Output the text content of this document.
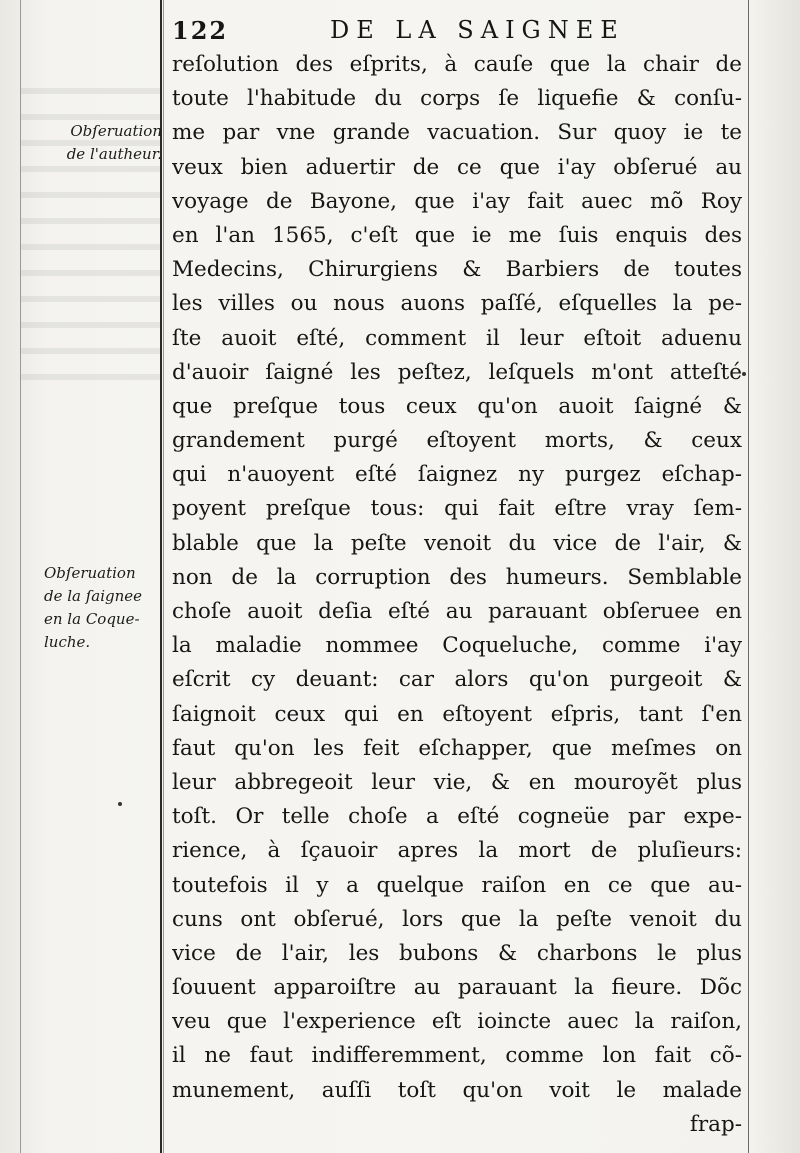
122	DE LA SAIGNEE
Obſeruation
de l'autheur.
Obſeruation
de la ſaignee
en la Coque-
luche.
reſolution des eſprits, à cauſe que la chair de
toute l'habitude du corps ſe liquefie & conſu-
me par vne grande vacuation. Sur quoy ie te
veux bien aduertir de ce que i'ay obſerué au
voyage de Bayone, que i'ay fait auec mõ Roy
en l'an 1565, c'eſt que ie me ſuis enquis des
Medecins, Chirurgiens & Barbiers de toutes
les villes ou nous auons paſſé, eſquelles la pe-
ſte auoit eſté, comment il leur eſtoit aduenu
d'auoir ſaigné les peſtez, leſquels m'ont atteſté
que preſque tous ceux qu'on auoit ſaigné &
grandement purgé eſtoyent morts, & ceux
qui n'auoyent eſté ſaignez ny purgez eſchap-
poyent preſque tous: qui fait eſtre vray ſem-
blable que la peſte venoit du vice de l'air, &
non de la corruption des humeurs. Semblable
choſe auoit deſia eſté au parauant obſeruee en
la maladie nommee Coqueluche, comme i'ay
eſcrit cy deuant: car alors qu'on purgeoit &
ſaignoit ceux qui en eſtoyent eſpris, tant ſ'en
faut qu'on les feit eſchapper, que meſmes on
leur abbregeoit leur vie, & en mouroyẽt plus
toſt. Or telle choſe a eſté cogneüe par expe-
rience, à ſçauoir apres la mort de pluſieurs:
toutefois il y a quelque raiſon en ce que au-
cuns ont obſerué, lors que la peſte venoit du
vice de l'air, les bubons & charbons le plus
ſouuent apparoiſtre au parauant la fieure. Dõc
veu que l'experience eſt ioincte auec la raiſon,
il ne faut indifferemment, comme lon fait cõ-
munement, auſſi toſt qu'on voit le malade
frap-
